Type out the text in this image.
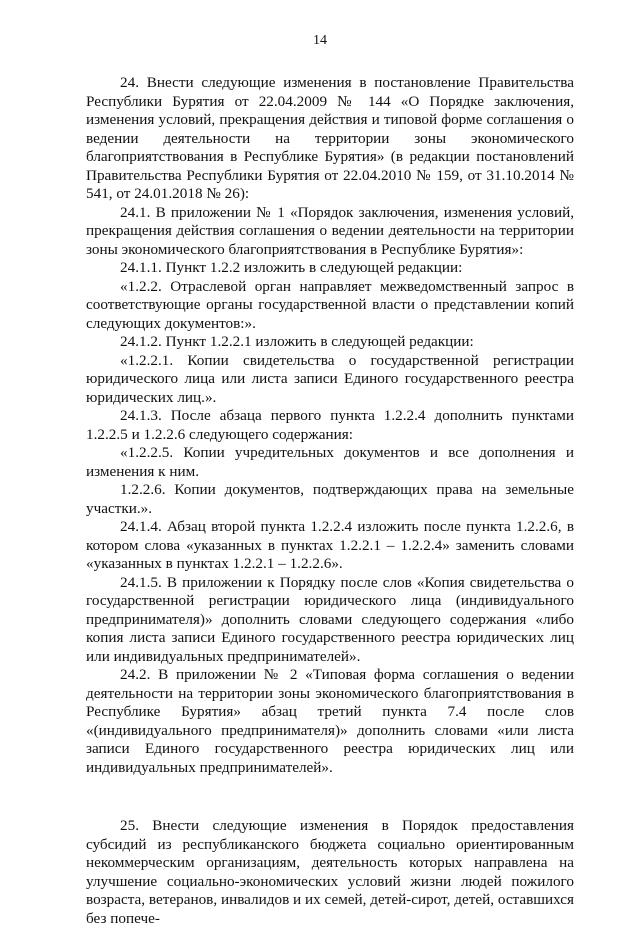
14

24. Внести следующие изменения в постановление Правительства Республики Бурятия от 22.04.2009 № 144 «О Порядке заключения, изменения условий, прекращения действия и типовой форме соглашения о ведении деятельности на территории зоны экономического благоприятствования в Республике Бурятия» (в редакции постановлений Правительства Республики Бурятия от 22.04.2010 № 159, от 31.10.2014 № 541, от 24.01.2018 № 26):

24.1. В приложении № 1 «Порядок заключения, изменения условий, прекращения действия соглашения о ведении деятельности на территории зоны экономического благоприятствования в Республике Бурятия»:

24.1.1. Пункт 1.2.2 изложить в следующей редакции:

«1.2.2. Отраслевой орган направляет межведомственный запрос в соответствующие органы государственной власти о представлении копий следующих документов:».

24.1.2. Пункт 1.2.2.1 изложить в следующей редакции:

«1.2.2.1. Копии свидетельства о государственной регистрации юридического лица или листа записи Единого государственного реестра юридических лиц.».

24.1.3. После абзаца первого пункта 1.2.2.4 дополнить пунктами 1.2.2.5 и 1.2.2.6 следующего содержания:

«1.2.2.5. Копии учредительных документов и все дополнения и изменения к ним.

1.2.2.6. Копии документов, подтверждающих права на земельные участки.».

24.1.4. Абзац второй пункта 1.2.2.4 изложить после пункта 1.2.2.6, в котором слова «указанных в пунктах 1.2.2.1 – 1.2.2.4» заменить словами «указанных в пунктах 1.2.2.1 – 1.2.2.6».

24.1.5. В приложении к Порядку после слов «Копия свидетельства о государственной регистрации юридического лица (индивидуального предпринимателя)» дополнить словами следующего содержания «либо копия листа записи Единого государственного реестра юридических лиц или индивидуальных предпринимателей».

24.2. В приложении № 2 «Типовая форма соглашения о ведении деятельности на территории зоны экономического благоприятствования в Республике Бурятия» абзац третий пункта 7.4 после слов «(индивидуального предпринимателя)» дополнить словами «или листа записи Единого государственного реестра юридических лиц или индивидуальных предпринимателей».

25. Внести следующие изменения в Порядок предоставления субсидий из республиканского бюджета социально ориентированным некоммерческим организациям, деятельность которых направлена на улучшение социально-экономических условий жизни людей пожилого возраста, ветеранов, инвалидов и их семей, детей-сирот, детей, оставшихся без попече-
